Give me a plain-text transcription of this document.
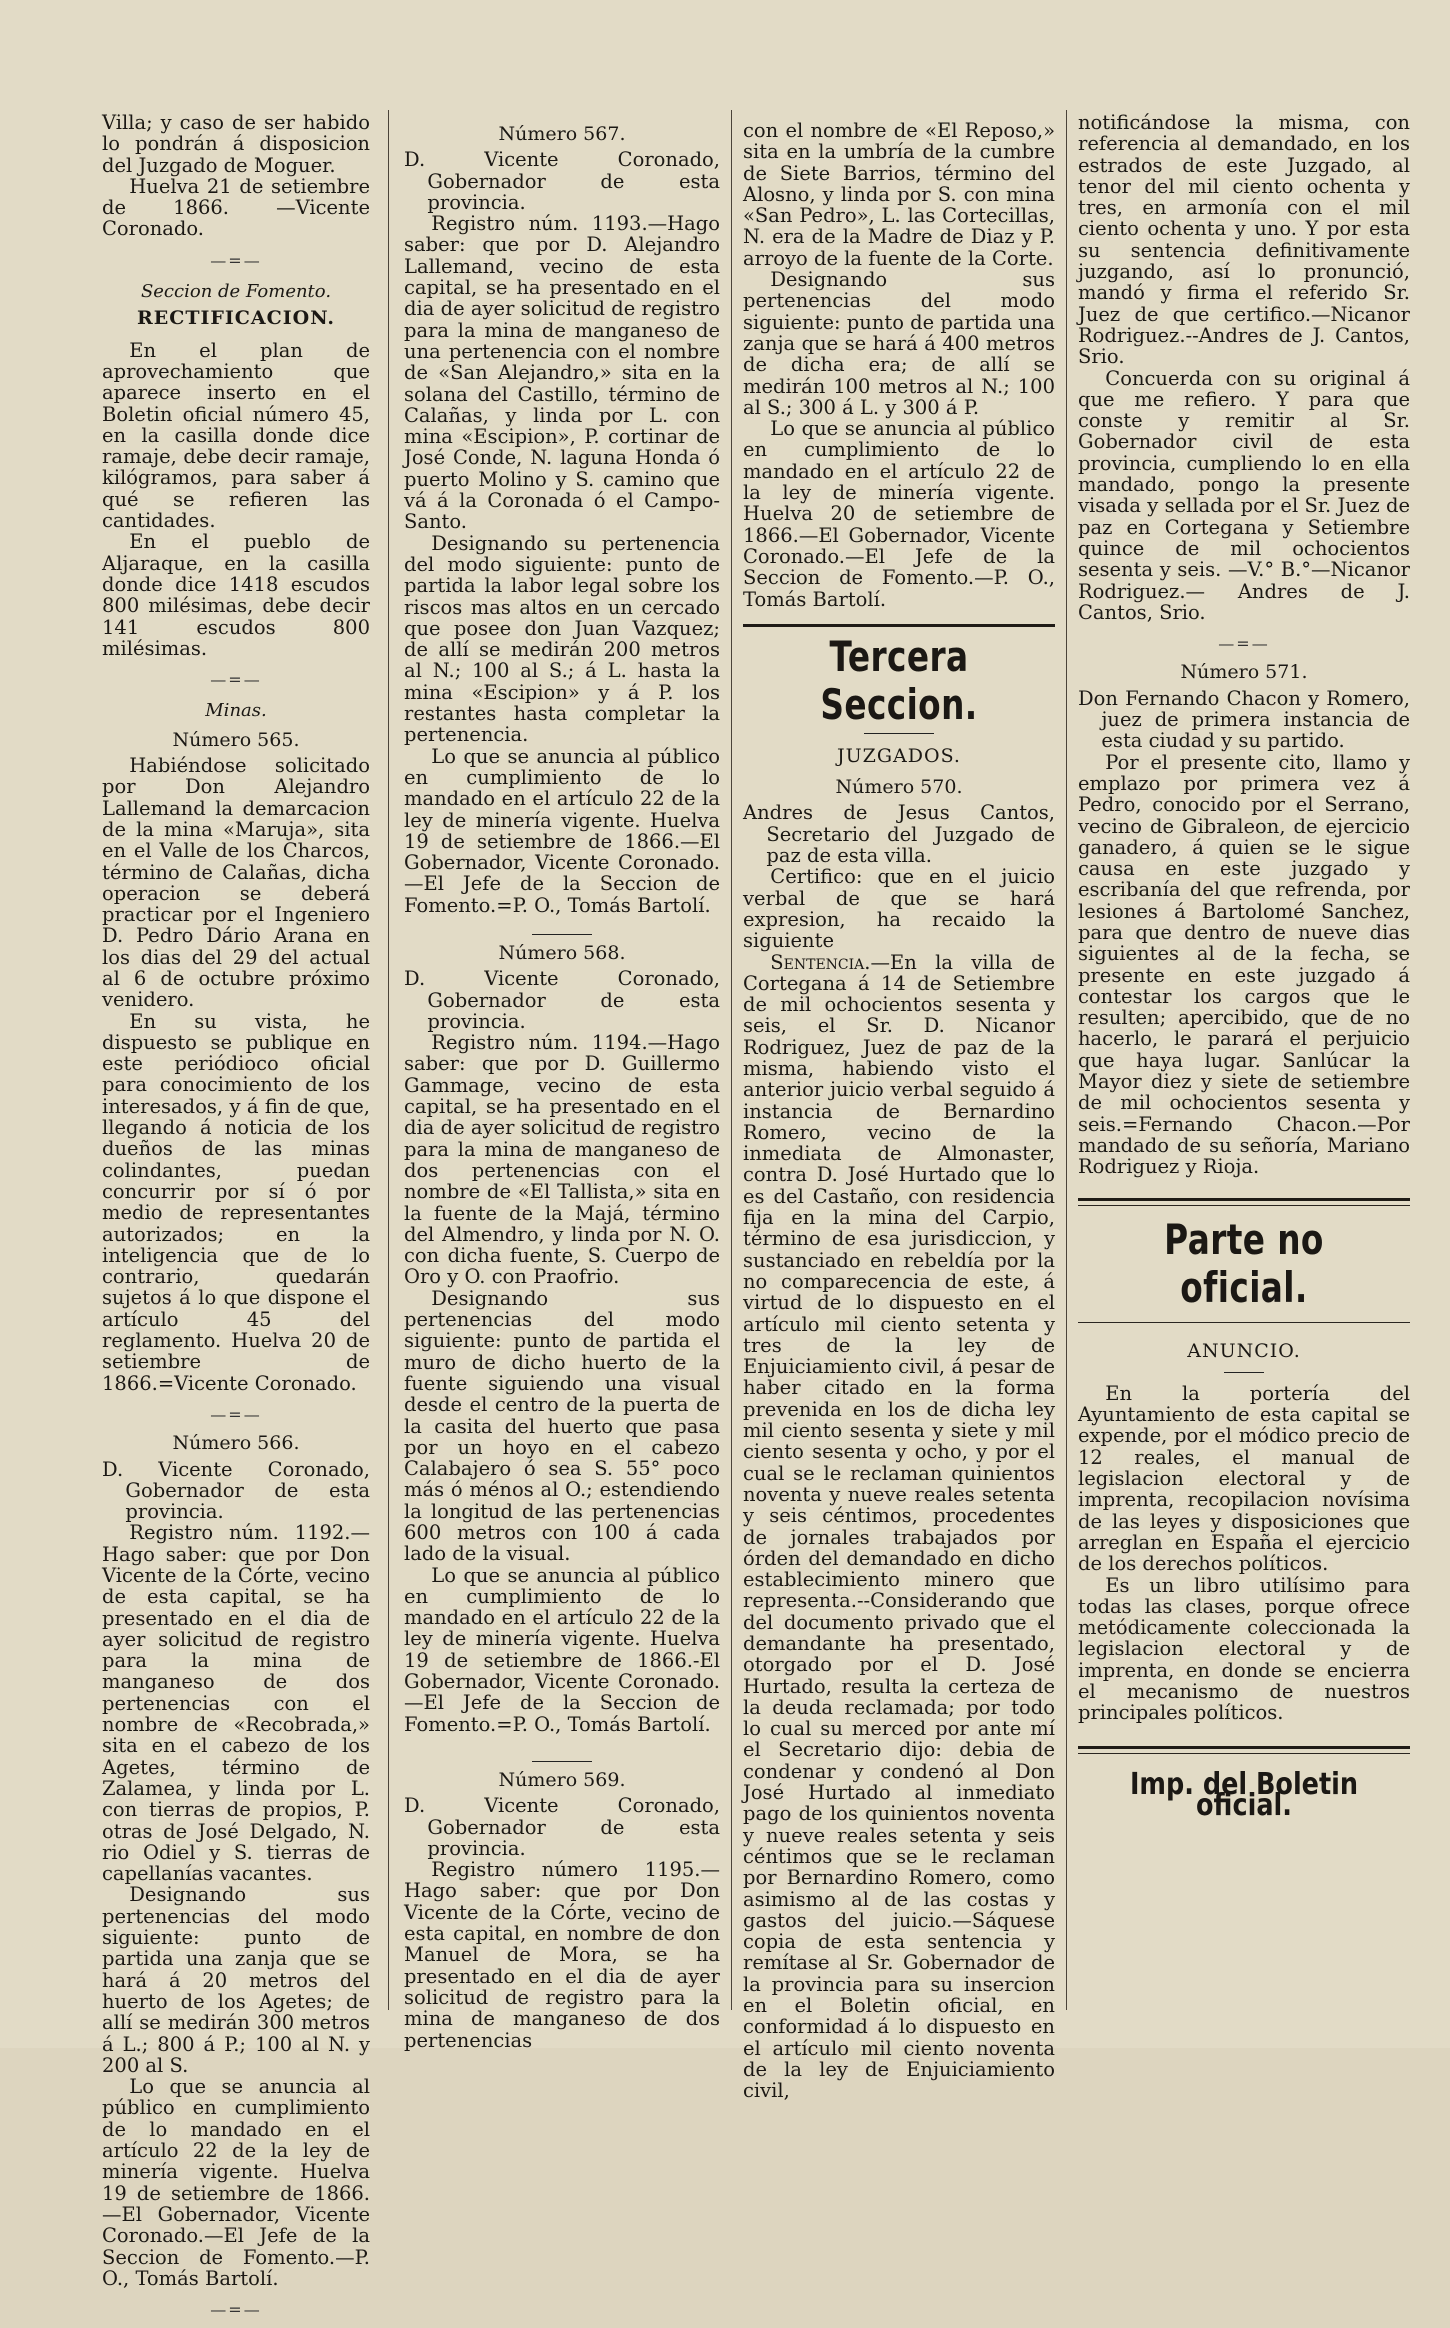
Villa; y caso de ser habido lo pondrán á disposicion del Juzgado de Moguer.

Huelva 21 de setiembre de 1866. —Vicente Coronado.

—=—
Seccion de Fomento.
RECTIFICACION.

En el plan de aprovechamiento que aparece inserto en el Boletin oficial número 45, en la casilla donde dice ramaje, debe decir ramaje, kilógramos, para saber á qué se refieren las cantidades.

En el pueblo de Aljaraque, en la casilla donde dice 1418 escudos 800 milésimas, debe decir 141 escudos 800 milésimas.

—=—
Minas.
Número 565.

Habiéndose solicitado por Don Alejandro Lallemand la demarcacion de la mina «Maruja», sita en el Valle de los Charcos, término de Calañas, dicha operacion se deberá practicar por el Ingeniero D. Pedro Dário Arana en los dias del 29 del actual al 6 de octubre próximo venidero.

En su vista, he dispuesto se publique en este periódioco oficial para conocimiento de los interesados, y á fin de que, llegando á noticia de los dueños de las minas colindantes, puedan concurrir por sí ó por medio de representantes autorizados; en la inteligencia que de lo contrario, quedarán sujetos á lo que dispone el artículo 45 del reglamento. Huelva 20 de setiembre de 1866.=Vicente Coronado.

—=—
Número 566.

D. Vicente Coronado, Gobernador de esta provincia.

Registro núm. 1192.—Hago saber: que por Don Vicente de la Córte, vecino de esta capital, se ha presentado en el dia de ayer solicitud de registro para la mina de manganeso de dos pertenencias con el nombre de «Recobrada,» sita en el cabezo de los Agetes, término de Zalamea, y linda por L. con tierras de propios, P. otras de José Delgado, N. rio Odiel y S. tierras de capellanías vacantes.

Designando sus pertenencias del modo siguiente: punto de partida una zanja que se hará á 20 metros del huerto de los Agetes; de allí se medirán 300 metros á L.; 800 á P.; 100 al N. y 200 al S.

Lo que se anuncia al público en cumplimiento de lo mandado en el artículo 22 de la ley de minería vigente. Huelva 19 de setiembre de 1866.—El Gobernador, Vicente Coronado.—El Jefe de la Seccion de Fomento.—P. O., Tomás Bartolí.

—=—
Número 567.

D. Vicente Coronado, Gobernador de esta provincia.

Registro núm. 1193.—Hago saber: que por D. Alejandro Lallemand, vecino de esta capital, se ha presentado en el dia de ayer solicitud de registro para la mina de manganeso de una pertenencia con el nombre de «San Alejandro,» sita en la solana del Castillo, término de Calañas, y linda por L. con mina «Escipion», P. cortinar de José Conde, N. laguna Honda ó puerto Molino y S. camino que vá á la Coronada ó el Campo-Santo.

Designando su pertenencia del modo siguiente: punto de partida la labor legal sobre los riscos mas altos en un cercado que posee don Juan Vazquez; de allí se medirán 200 metros al N.; 100 al S.; á L. hasta la mina «Escipion» y á P. los restantes hasta completar la pertenencia.

Lo que se anuncia al público en cumplimiento de lo mandado en el artículo 22 de la ley de minería vigente. Huelva 19 de setiembre de 1866.—El Gobernador, Vicente Coronado.—El Jefe de la Seccion de Fomento.=P. O., Tomás Bartolí.

Número 568.

D. Vicente Coronado, Gobernador de esta provincia.

Registro núm. 1194.—Hago saber: que por D. Guillermo Gammage, vecino de esta capital, se ha presentado en el dia de ayer solicitud de registro para la mina de manganeso de dos pertenencias con el nombre de «El Tallista,» sita en la fuente de la Majá, término del Almendro, y linda por N. O. con dicha fuente, S. Cuerpo de Oro y O. con Praofrio.

Designando sus pertenencias del modo siguiente: punto de partida el muro de dicho huerto de la fuente siguiendo una visual desde el centro de la puerta de la casita del huerto que pasa por un hoyo en el cabezo Calabajero ó sea S. 55° poco más ó ménos al O.; estendiendo la longitud de las pertenencias 600 metros con 100 á cada lado de la visual.

Lo que se anuncia al público en cumplimiento de lo mandado en el artículo 22 de la ley de minería vigente. Huelva 19 de setiembre de 1866.-El Gobernador, Vicente Coronado.—El Jefe de la Seccion de Fomento.=P. O., Tomás Bartolí.

Número 569.

D. Vicente Coronado, Gobernador de esta provincia.

Registro número 1195.—Hago saber: que por Don Vicente de la Córte, vecino de esta capital, en nombre de don Manuel de Mora, se ha presentado en el dia de ayer solicitud de registro para la mina de manganeso de dos pertenencias

con el nombre de «El Reposo,» sita en la umbría de la cumbre de Siete Barrios, término del Alosno, y linda por S. con mina «San Pedro», L. las Cortecillas, N. era de la Madre de Diaz y P. arroyo de la fuente de la Corte.

Designando sus pertenencias del modo siguiente: punto de partida una zanja que se hará á 400 metros de dicha era; de allí se medirán 100 metros al N.; 100 al S.; 300 á L. y 300 á P.

Lo que se anuncia al público en cumplimiento de lo mandado en el artículo 22 de la ley de minería vigente. Huelva 20 de setiembre de 1866.—El Gobernador, Vicente Coronado.—El Jefe de la Seccion de Fomento.—P. O., Tomás Bartolí.

Tercera Seccion.
JUZGADOS.
Número 570.

Andres de Jesus Cantos, Secretario del Juzgado de paz de esta villa.

Certifico: que en el juicio verbal de que se hará expresion, ha recaido la siguiente

Sentencia.—En la villa de Cortegana á 14 de Setiembre de mil ochocientos sesenta y seis, el Sr. D. Nicanor Rodriguez, Juez de paz de la misma, habiendo visto el anterior juicio verbal seguido á instancia de Bernardino Romero, vecino de la inmediata de Almonaster, contra D. José Hurtado que lo es del Castaño, con residencia fija en la mina del Carpio, término de esa jurisdiccion, y sustanciado en rebeldía por la no comparecencia de este, á virtud de lo dispuesto en el artículo mil ciento setenta y tres de la ley de Enjuiciamiento civil, á pesar de haber citado en la forma prevenida en los de dicha ley mil ciento sesenta y siete y mil ciento sesenta y ocho, y por el cual se le reclaman quinientos noventa y nueve reales setenta y seis céntimos, procedentes de jornales trabajados por órden del demandado en dicho establecimiento minero que representa.--Considerando que del documento privado que el demandante ha presentado, otorgado por el D. José Hurtado, resulta la certeza de la deuda reclamada; por todo lo cual su merced por ante mí el Secretario dijo: debia de condenar y condenó al Don José Hurtado al inmediato pago de los quinientos noventa y nueve reales setenta y seis céntimos que se le reclaman por Bernardino Romero, como asimismo al de las costas y gastos del juicio.—Sáquese copia de esta sentencia y remítase al Sr. Gobernador de la provincia para su insercion en el Boletin oficial, en conformidad á lo dispuesto en el artículo mil ciento noventa de la ley de Enjuiciamiento civil,

notificándose la misma, con referencia al demandado, en los estrados de este Juzgado, al tenor del mil ciento ochenta y tres, en armonía con el mil ciento ochenta y uno. Y por esta su sentencia definitivamente juzgando, así lo pronunció, mandó y firma el referido Sr. Juez de que certifico.—Nicanor Rodriguez.--Andres de J. Cantos, Srio.

Concuerda con su original á que me refiero. Y para que conste y remitir al Sr. Gobernador civil de esta provincia, cumpliendo lo en ella mandado, pongo la presente visada y sellada por el Sr. Juez de paz en Cortegana y Setiembre quince de mil ochocientos sesenta y seis. —V.° B.°—Nicanor Rodriguez.— Andres de J. Cantos, Srio.

—=—
Número 571.

Don Fernando Chacon y Romero, juez de primera instancia de esta ciudad y su partido.

Por el presente cito, llamo y emplazo por primera vez á Pedro, conocido por el Serrano, vecino de Gibraleon, de ejercicio ganadero, á quien se le sigue causa en este juzgado y escribanía del que refrenda, por lesiones á Bartolomé Sanchez, para que dentro de nueve dias siguientes al de la fecha, se presente en este juzgado á contestar los cargos que le resulten; apercibido, que de no hacerlo, le parará el perjuicio que haya lugar. Sanlúcar la Mayor diez y siete de setiembre de mil ochocientos sesenta y seis.=Fernando Chacon.—Por mandado de su señoría, Mariano Rodriguez y Rioja.

Parte no oficial.
ANUNCIO.

En la portería del Ayuntamiento de esta capital se expende, por el módico precio de 12 reales, el manual de legislacion electoral y de imprenta, recopilacion novísima de las leyes y disposiciones que arreglan en España el ejercicio de los derechos políticos.

Es un libro utilísimo para todas las clases, porque ofrece metódicamente coleccionada la legislacion electoral y de imprenta, en donde se encierra el mecanismo de nuestros principales políticos.

Imp. del Boletin oficial.
